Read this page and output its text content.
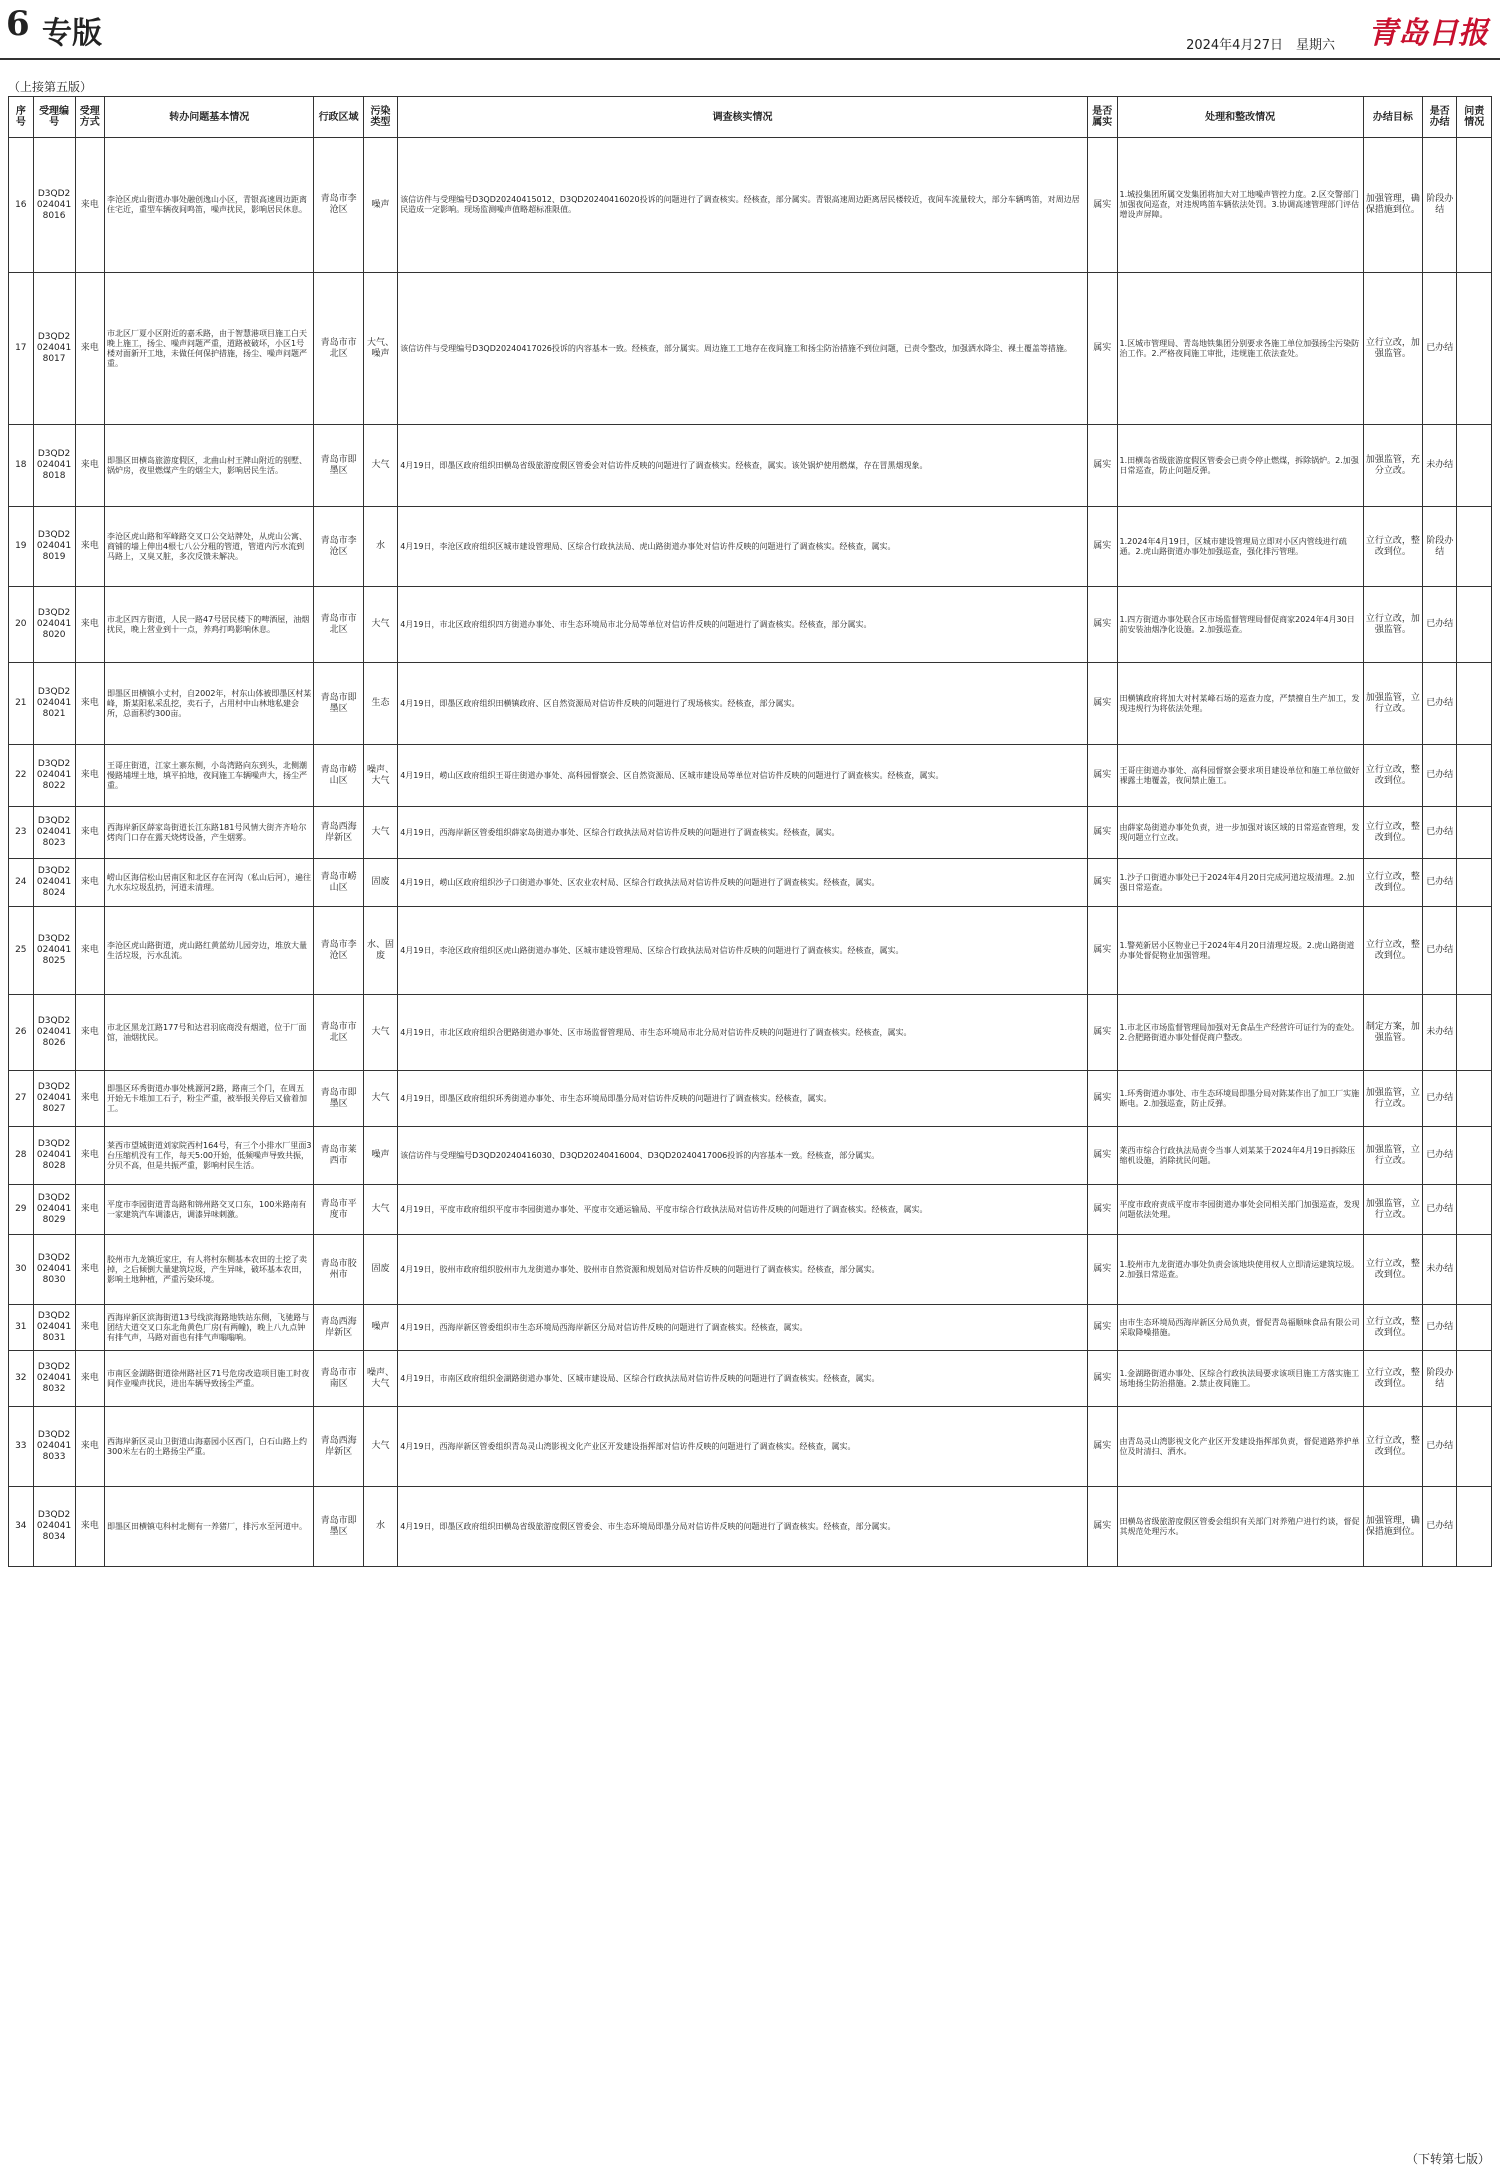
6 专版	2024年4月27日　星期六 青岛日报
（上接第五版）
序号	受理编号	受理方式	转办问题基本情况	行政区域	污染类型	调查核实情况	是否属实	处理和整改情况	办结目标	是否办结	问责情况
16	D3QD20240418016	来电	李沧区虎山街道办事处融创逸山小区，青银高速周边距离住宅近，重型车辆夜间鸣笛，噪声扰民，影响居民休息。	青岛市李沧区	噪声	该信访件与受理编号D3QD20240415012、D3QD20240416020投诉的问题进行了调查核实。经核查，部分属实。青银高速周边距离居民楼较近，夜间车流量较大，部分车辆鸣笛，对周边居民造成一定影响。现场监测噪声值略超标准限值。	属实	1.城投集团所属交发集团将加大对工地噪声管控力度。2.区交警部门加强夜间巡查，对违规鸣笛车辆依法处罚。3.协调高速管理部门评估增设声屏障。	加强管理，确保措施到位。	阶段办结	
17	D3QD20240418017	来电	市北区厂夏小区附近的嘉禾路，由于智慧港项目施工白天晚上施工，扬尘、噪声问题严重，道路被破坏，小区1号楼对面新开工地，未做任何保护措施，扬尘、噪声问题严重。	青岛市市北区	大气、噪声	该信访件与受理编号D3QD20240417026投诉的内容基本一致。经核查，部分属实。周边施工工地存在夜间施工和扬尘防治措施不到位问题，已责令整改，加强洒水降尘、裸土覆盖等措施。	属实	1.区城市管理局、青岛地铁集团分别要求各施工单位加强扬尘污染防治工作。2.严格夜间施工审批，违规施工依法查处。	立行立改，加强监管。	已办结	
18	D3QD20240418018	来电	即墨区田横岛旅游度假区，北曲山村王牌山附近的别墅、锅炉房，夜里燃煤产生的烟尘大，影响居民生活。	青岛市即墨区	大气	4月19日，即墨区政府组织田横岛省级旅游度假区管委会对信访件反映的问题进行了调查核实。经核查，属实。该处锅炉使用燃煤，存在冒黑烟现象。	属实	1.田横岛省级旅游度假区管委会已责令停止燃煤，拆除锅炉。2.加强日常巡查，防止问题反弹。	加强监管，充分立改。	未办结	
19	D3QD20240418019	来电	李沧区虎山路和军峰路交叉口公交站牌处，从虎山公寓、商铺的墙上伸出4根七八公分粗的管道，管道内污水流到马路上，又臭又脏，多次反馈未解决。	青岛市李沧区	水	4月19日，李沧区政府组织区城市建设管理局、区综合行政执法局、虎山路街道办事处对信访件反映的问题进行了调查核实。经核查，属实。	属实	1.2024年4月19日，区城市建设管理局立即对小区内管线进行疏通。2.虎山路街道办事处加强巡查，强化排污管理。	立行立改，整改到位。	阶段办结	
20	D3QD20240418020	来电	市北区四方街道，人民一路47号居民楼下的啤酒屋，油烟扰民，晚上营业到十一点，养鸡打鸣影响休息。	青岛市市北区	大气	4月19日，市北区政府组织四方街道办事处、市生态环境局市北分局等单位对信访件反映的问题进行了调查核实。经核查，部分属实。	属实	1.四方街道办事处联合区市场监督管理局督促商家2024年4月30日前安装油烟净化设施。2.加强巡查。	立行立改，加强监管。	已办结	
21	D3QD20240418021	来电	即墨区田横镇小丈村，自2002年，村东山体被即墨区村某峰，斯某阳私采乱挖，卖石子，占用村中山林地私建会所，总面积约300亩。	青岛市即墨区	生态	4月19日，即墨区政府组织田横镇政府、区自然资源局对信访件反映的问题进行了现场核实。经核查，部分属实。	属实	田横镇政府将加大对村某峰石场的巡查力度，严禁擅自生产加工，发现违规行为将依法处理。	加强监管，立行立改。	已办结	
22	D3QD20240418022	来电	王哥庄街道，江家土寨东侧，小岛湾路向东到头，北侧潮慢路埔埋土地，填平拍地，夜间施工车辆噪声大，扬尘严重。	青岛市崂山区	噪声、大气	4月19日，崂山区政府组织王哥庄街道办事处、高科园督察会、区自然资源局、区城市建设局等单位对信访件反映的问题进行了调查核实。经核查，属实。	属实	王哥庄街道办事处、高科园督察会要求项目建设单位和施工单位做好裸露土地覆盖，夜间禁止施工。	立行立改，整改到位。	已办结	
23	D3QD20240418023	来电	西海岸新区薛家岛街道长江东路181号风情大街齐齐哈尔烤肉门口存在露天烧烤设备，产生烟雾。	青岛西海岸新区	大气	4月19日，西海岸新区管委组织薛家岛街道办事处、区综合行政执法局对信访件反映的问题进行了调查核实。经核查，属实。	属实	由薛家岛街道办事处负责，进一步加强对该区域的日常巡查管理，发现问题立行立改。	立行立改，整改到位。	已办结	
24	D3QD20240418024	来电	崂山区海信松山居南区和北区存在河沟（私山后河），遍往九水东垃圾乱扔，河道未清理。	青岛市崂山区	固废	4月19日，崂山区政府组织沙子口街道办事处、区农业农村局、区综合行政执法局对信访件反映的问题进行了调查核实。经核查，属实。	属实	1.沙子口街道办事处已于2024年4月20日完成河道垃圾清理。2.加强日常巡查。	立行立改，整改到位。	已办结	
25	D3QD20240418025	来电	李沧区虎山路街道，虎山路红黄蓝幼儿园旁边，堆放大量生活垃圾，污水乱流。	青岛市李沧区	水、固废	4月19日，李沧区政府组织区虎山路街道办事处、区城市建设管理局、区综合行政执法局对信访件反映的问题进行了调查核实。经核查，属实。	属实	1.警苑新居小区物业已于2024年4月20日清理垃圾。2.虎山路街道办事处督促物业加强管理。	立行立改，整改到位。	已办结	
26	D3QD20240418026	来电	市北区黑龙江路177号和达君羽底商没有烟道，位于厂面馆，油烟扰民。	青岛市市北区	大气	4月19日，市北区政府组织合肥路街道办事处、区市场监督管理局、市生态环境局市北分局对信访件反映的问题进行了调查核实。经核查，属实。	属实	1.市北区市场监督管理局加强对无食品生产经营许可证行为的查处。2.合肥路街道办事处督促商户整改。	制定方案，加强监管。	未办结	
27	D3QD20240418027	来电	即墨区环秀街道办事处桃源河2路，路南三个门，在周五开始无卡堆加工石子，粉尘严重，被举报关停后又偷着加工。	青岛市即墨区	大气	4月19日，即墨区政府组织环秀街道办事处、市生态环境局即墨分局对信访件反映的问题进行了调查核实。经核查，属实。	属实	1.环秀街道办事处、市生态环境局即墨分局对陈某作出了加工厂实施断电。2.加强巡查，防止反弹。	加强监管，立行立改。	已办结	
28	D3QD20240418028	来电	莱西市望城街道刘家院西村164号，有三个小排水厂里面3台压缩机没有工作，每天5:00开始，低频噪声导致共振，分贝不高，但是共振严重，影响村民生活。	青岛市莱西市	噪声	该信访件与受理编号D3QD20240416030、D3QD20240416004、D3QD20240417006投诉的内容基本一致。经核查，部分属实。	属实	莱西市综合行政执法局责令当事人刘某某于2024年4月19日拆除压缩机设施，消除扰民问题。	加强监管，立行立改。	已办结	
29	D3QD20240418029	来电	平度市李园街道青岛路和锦州路交叉口东，100米路南有一家建筑汽车调漆店，调漆异味刺激。	青岛市平度市	大气	4月19日，平度市政府组织平度市李园街道办事处、平度市交通运输局、平度市综合行政执法局对信访件反映的问题进行了调查核实。经核查，属实。	属实	平度市政府责成平度市李园街道办事处会同相关部门加强巡查，发现问题依法处理。	加强监管，立行立改。	已办结	
30	D3QD20240418030	来电	胶州市九龙镇近家庄，有人将村东侧基本农田的土挖了卖掉，之后倾倒大量建筑垃圾，产生异味，破坏基本农田，影响土地种植，严重污染环境。	青岛市胶州市	固废	4月19日，胶州市政府组织胶州市九龙街道办事处、胶州市自然资源和规划局对信访件反映的问题进行了调查核实。经核查，部分属实。	属实	1.胶州市九龙街道办事处负责会该地块使用权人立即清运建筑垃圾。2.加强日常巡查。	立行立改，整改到位。	未办结	
31	D3QD20240418031	来电	西海岸新区滨海街道13号线滨海路地铁站东侧，飞驰路与团结大道交叉口东北角黄色厂房(有两幢)，晚上八九点钟有排气声，马路对面也有排气声嗡嗡响。	青岛西海岸新区	噪声	4月19日，西海岸新区管委组织市生态环境局西海岸新区分局对信访件反映的问题进行了调查核实。经核查，属实。	属实	由市生态环境局西海岸新区分局负责，督促青岛福顺味食品有限公司采取降噪措施。	立行立改，整改到位。	已办结	
32	D3QD20240418032	来电	市南区金湖路街道徐州路社区71号危房改造项目施工时夜间作业噪声扰民，进出车辆导致扬尘严重。	青岛市市南区	噪声、大气	4月19日，市南区政府组织金湖路街道办事处、区城市建设局、区综合行政执法局对信访件反映的问题进行了调查核实。经核查，属实。	属实	1.金湖路街道办事处、区综合行政执法局要求该项目施工方落实施工场地扬尘防治措施。2.禁止夜间施工。	立行立改，整改到位。	阶段办结	
33	D3QD20240418033	来电	西海岸新区灵山卫街道山海嘉园小区西门，白石山路上约300米左右的土路扬尘严重。	青岛西海岸新区	大气	4月19日，西海岸新区管委组织青岛灵山湾影视文化产业区开发建设指挥部对信访件反映的问题进行了调查核实。经核查，属实。	属实	由青岛灵山湾影视文化产业区开发建设指挥部负责，督促道路养护单位及时清扫、洒水。	立行立改，整改到位。	已办结	
34	D3QD20240418034	来电	即墨区田横镇屯科村北侧有一养猪厂，排污水至河道中。	青岛市即墨区	水	4月19日，即墨区政府组织田横岛省级旅游度假区管委会、市生态环境局即墨分局对信访件反映的问题进行了调查核实。经核查，部分属实。	属实	田横岛省级旅游度假区管委会组织有关部门对养殖户进行约谈，督促其规范处理污水。	加强管理，确保措施到位。	已办结	
（下转第七版）
